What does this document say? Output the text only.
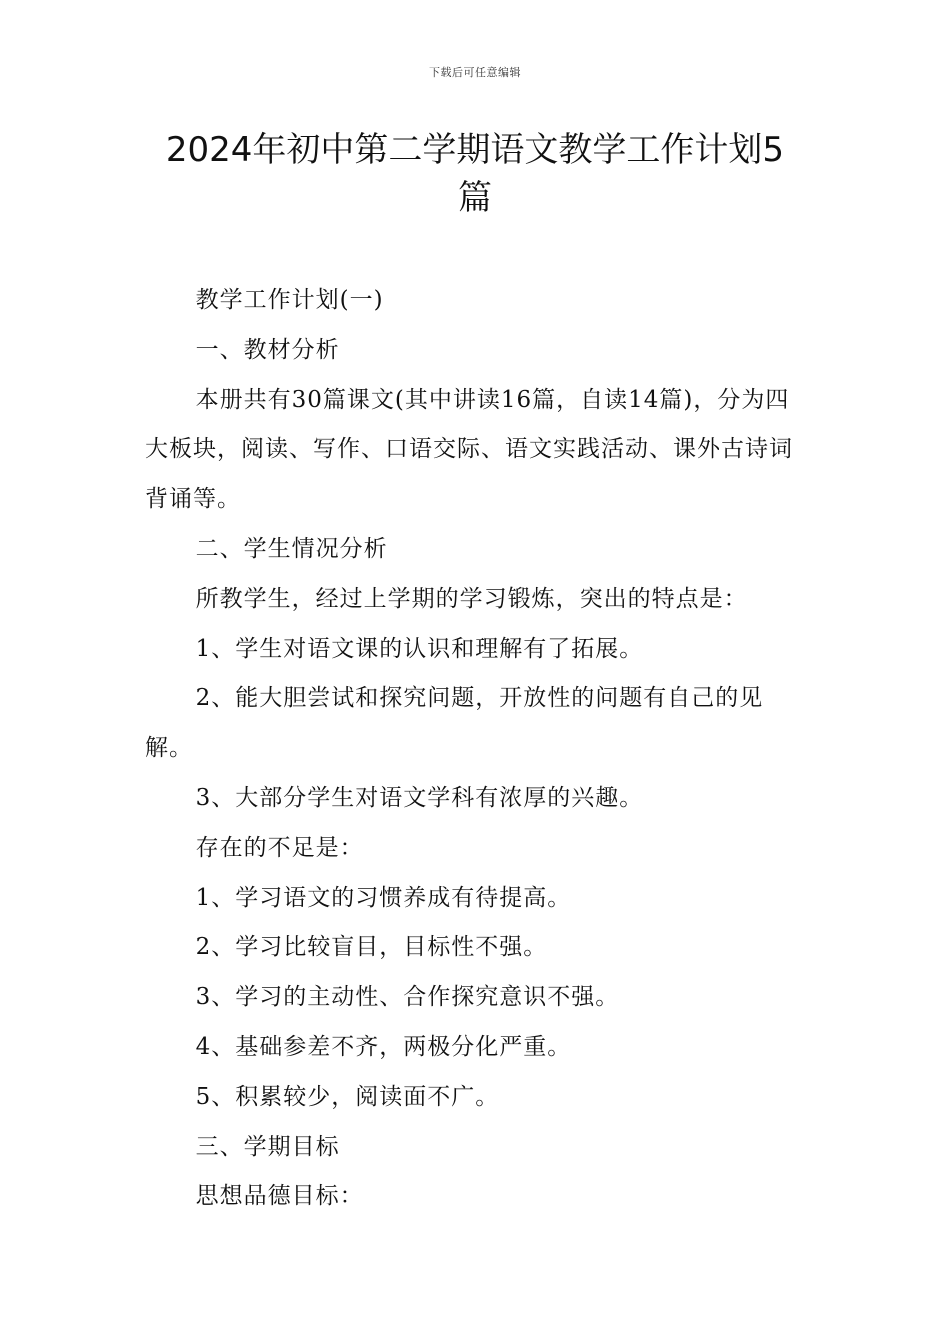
下载后可任意编辑
2024年初中第二学期语文教学工作计划5篇

教学工作计划(一)

一、教材分析

本册共有30篇课文(其中讲读16篇，自读14篇)，分为四大板块，阅读、写作、口语交际、语文实践活动、课外古诗词背诵等。

二、学生情况分析

所教学生，经过上学期的学习锻炼，突出的特点是：

1、学生对语文课的认识和理解有了拓展。

2、能大胆尝试和探究问题，开放性的问题有自己的见解。

3、大部分学生对语文学科有浓厚的兴趣。

存在的不足是：

1、学习语文的习惯养成有待提高。

2、学习比较盲目，目标性不强。

3、学习的主动性、合作探究意识不强。

4、基础参差不齐，两极分化严重。

5、积累较少，阅读面不广。

三、学期目标

思想品德目标：
